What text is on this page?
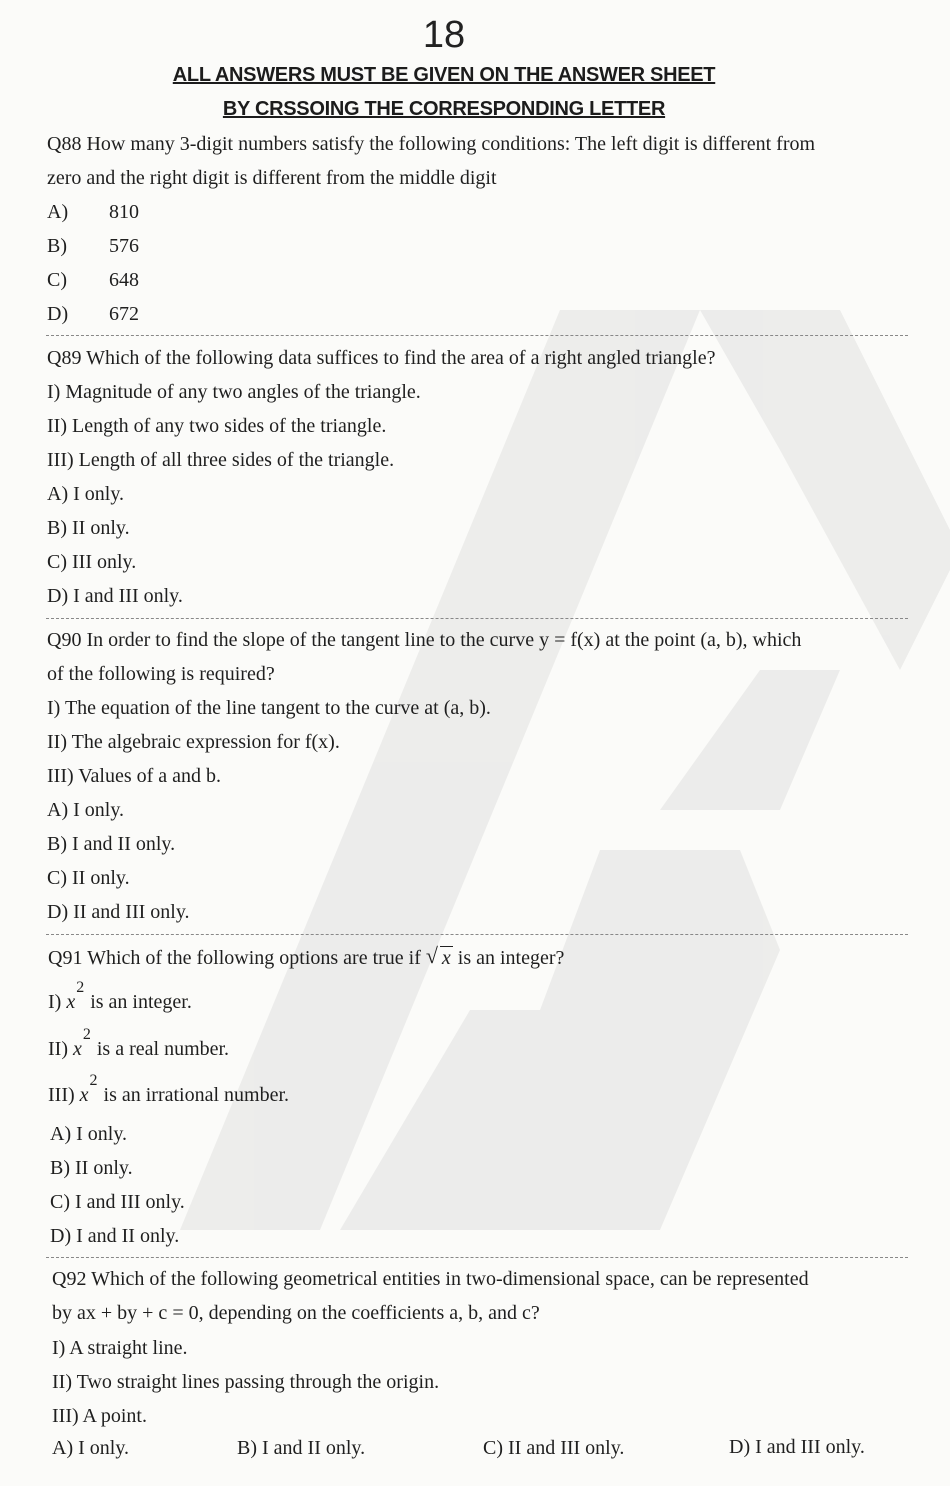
18
ALL ANSWERS MUST BE GIVEN ON THE ANSWER SHEET
BY CRSSOING THE CORRESPONDING LETTER
Q88 How many 3-digit numbers satisfy the following conditions: The left digit is different from
zero and the right digit is different from the middle digit
A) 810
B) 576
C) 648
D) 672
Q89 Which of the following data suffices to find the area of a right angled triangle?
I) Magnitude of any two angles of the triangle.
II) Length of any two sides of the triangle.
III) Length of all three sides of the triangle.
A) I only.
B) II only.
C) III only.
D) I and III only.
Q90 In order to find the slope of the tangent line to the curve y = f(x) at the point (a, b), which
of the following is required?
I) The equation of the line tangent to the curve at (a, b).
II) The algebraic expression for f(x).
III) Values of a and b.
A) I only.
B) I and II only.
C) II only.
D) II and III only.
Q91 Which of the following options are true if √ x is an integer?
I) $x^2is$ an integer.
II) $x^2is$ a real number.
III) $x^2is$ an irrational number.
A) I only.
B) II only.
C) I and III only.
D) I and II only.
Q92 Which of the following geometrical entities in two-dimensional space, can be represented
by ax + by + c = 0, depending on the coefficients a, b, and c?
I) A straight line.
II) Two straight lines passing through the origin.
III) A point.
A) I only.	B) I and II only.	C) II and III only.	D) I and III only.
